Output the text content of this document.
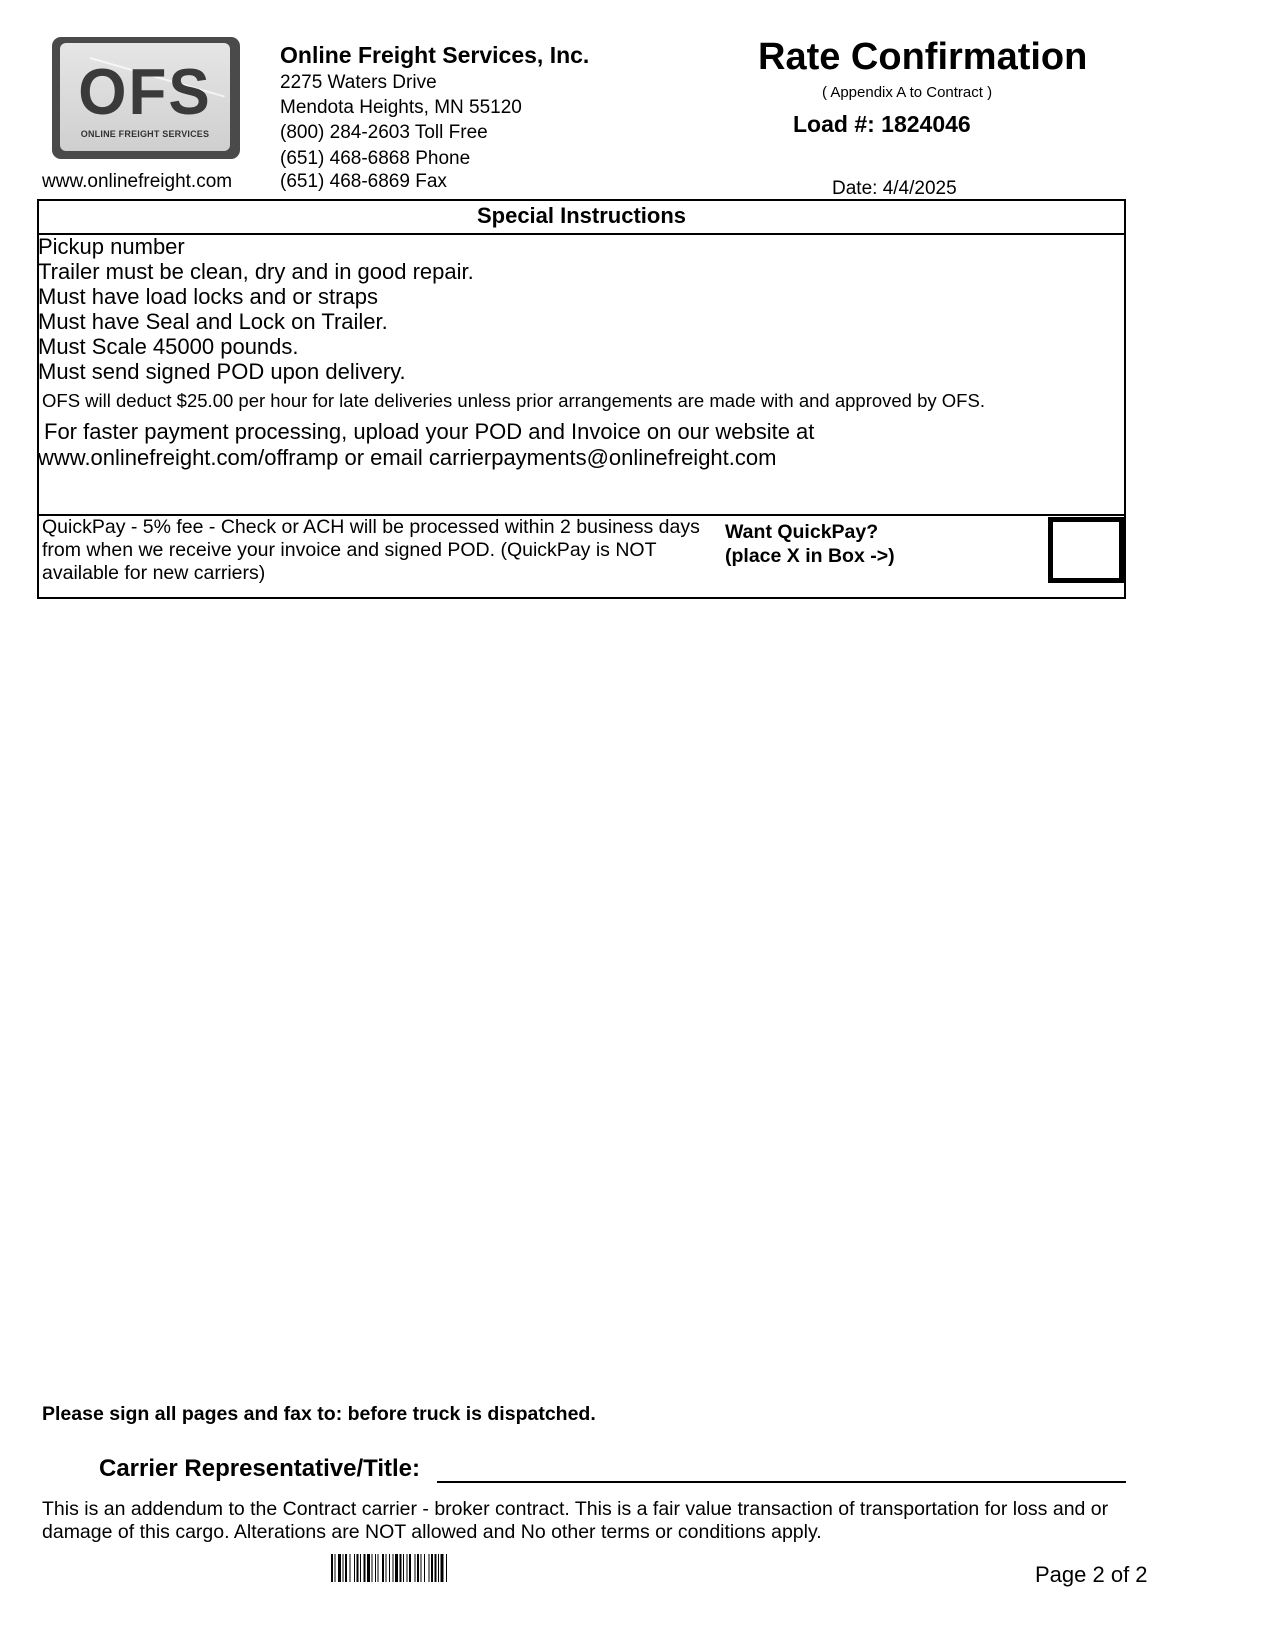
OFS
ONLINE FREIGHT SERVICES
www.onlinefreight.com
Online Freight Services, Inc.
2275 Waters Drive
Mendota Heights, MN 55120
(800) 284-2603 Toll Free
(651) 468-6868 Phone
(651) 468-6869 Fax
Rate Confirmation
( Appendix A to Contract )
Load #: 1824046
Date: 4/4/2025
Special Instructions
Pickup number
Trailer must be clean, dry and in good repair.
Must have load locks and or straps
Must have Seal and Lock on Trailer.
Must Scale 45000 pounds.
Must send signed POD upon delivery.
OFS will deduct $25.00 per hour for late deliveries unless prior arrangements are made with and approved by OFS.
For faster payment processing, upload your POD and Invoice on our website at
www.onlinefreight.com/offramp or email carrierpayments@onlinefreight.com
QuickPay - 5% fee - Check or ACH will be processed within 2 business days from when we receive your invoice and signed POD. (QuickPay is NOT available for new carriers)
Want QuickPay?
(place X in Box ->)
Please sign all pages and fax to: before truck is dispatched.
Carrier Representative/Title:
This is an addendum to the Contract carrier - broker contract. This is a fair value transaction of transportation for loss and or damage of this cargo. Alterations are NOT allowed and No other terms or conditions apply.
Page 2 of 2
